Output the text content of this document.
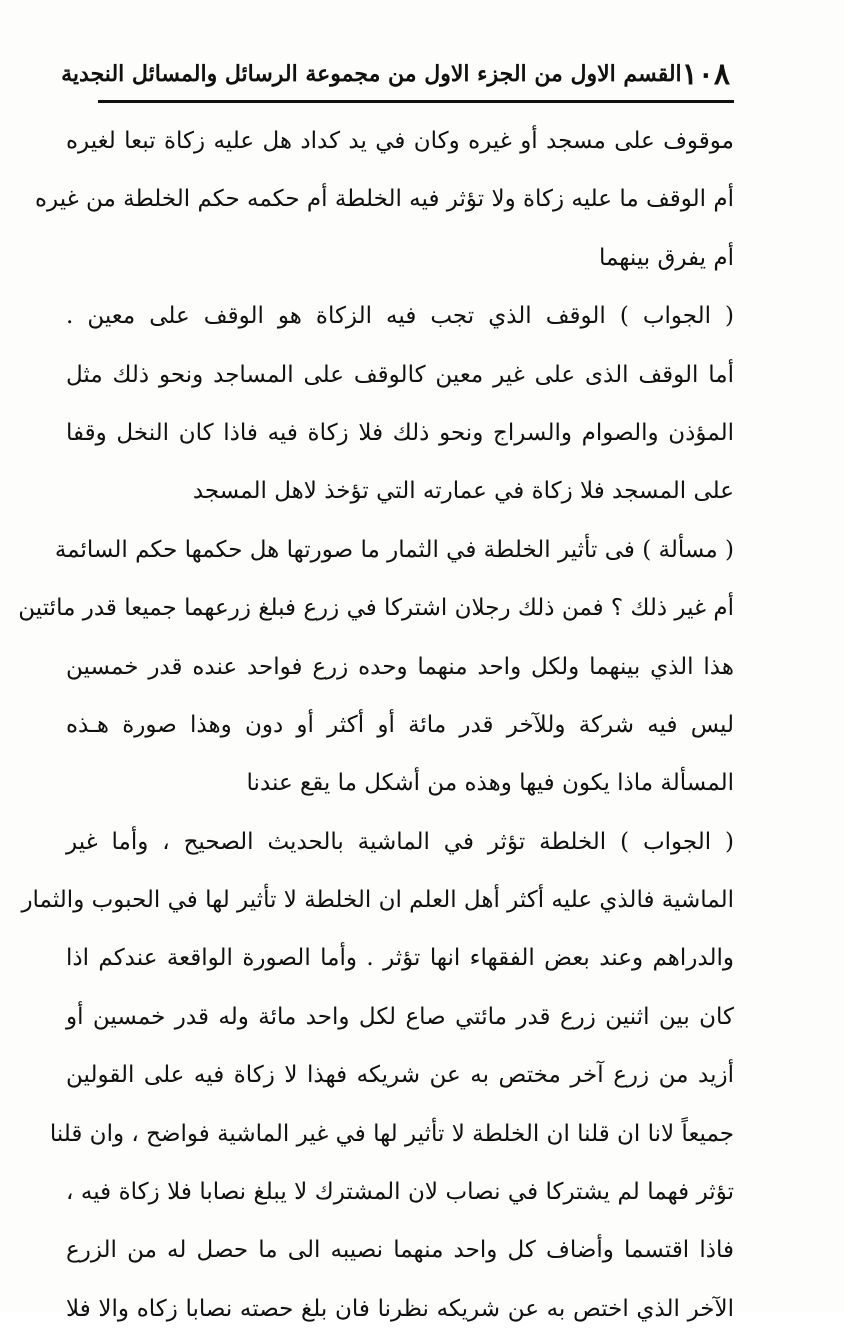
١٠٨
القسم الاول من الجزء الاول من مجموعة الرسائل والمسائل النجدية
موقوف على مسجد أو غيره وكان في يد كداد هل عليه زكاة تبعا لغيره
أم الوقف ما عليه زكاة ولا تؤثر فيه الخلطة أم حكمه حكم الخلطة من غيره
أم يفرق بينهما
( الجواب ) الوقف الذي تجب فيه الزكاة هو الوقف على معين .
أما الوقف الذى على غير معين كالوقف على المساجد ونحو ذلك مثل
المؤذن والصوام والسراج ونحو ذلك فلا زكاة فيه فاذا كان النخل وقفا
على المسجد فلا زكاة في عمارته التي تؤخذ لاهل المسجد
( مسألة ) فى تأثير الخلطة في الثمار ما صورتها هل حكمها حكم السائمة
أم غير ذلك ؟ فمن ذلك رجلان اشتركا في زرع فبلغ زرعهما جميعا قدر مائتين
هذا الذي بينهما ولكل واحد منهما وحده زرع فواحد عنده قدر خمسين
ليس فيه شركة وللآخر قدر مائة أو أكثر أو دون وهذا صورة هـذه
المسألة ماذا يكون فيها وهذه من أشكل ما يقع عندنا
( الجواب ) الخلطة تؤثر في الماشية بالحديث الصحيح ، وأما غير
الماشية فالذي عليه أكثر أهل العلم ان الخلطة لا تأثير لها في الحبوب والثمار
والدراهم وعند بعض الفقهاء انها تؤثر . وأما الصورة الواقعة عندكم اذا
كان بين اثنين زرع قدر مائتي صاع لكل واحد مائة وله قدر خمسين أو
أزيد من زرع آخر مختص به عن شريكه فهذا لا زكاة فيه على القولين
جميعاً لانا ان قلنا ان الخلطة لا تأثير لها في غير الماشية فواضح ، وان قلنا
تؤثر فهما لم يشتركا في نصاب لان المشترك لا يبلغ نصابا فلا زكاة فيه ،
فاذا اقتسما وأضاف كل واحد منهما نصيبه الى ما حصل له من الزرع
الآخر الذي اختص به عن شريكه نظرنا فان بلغ حصته نصابا زكاه والا فلا
